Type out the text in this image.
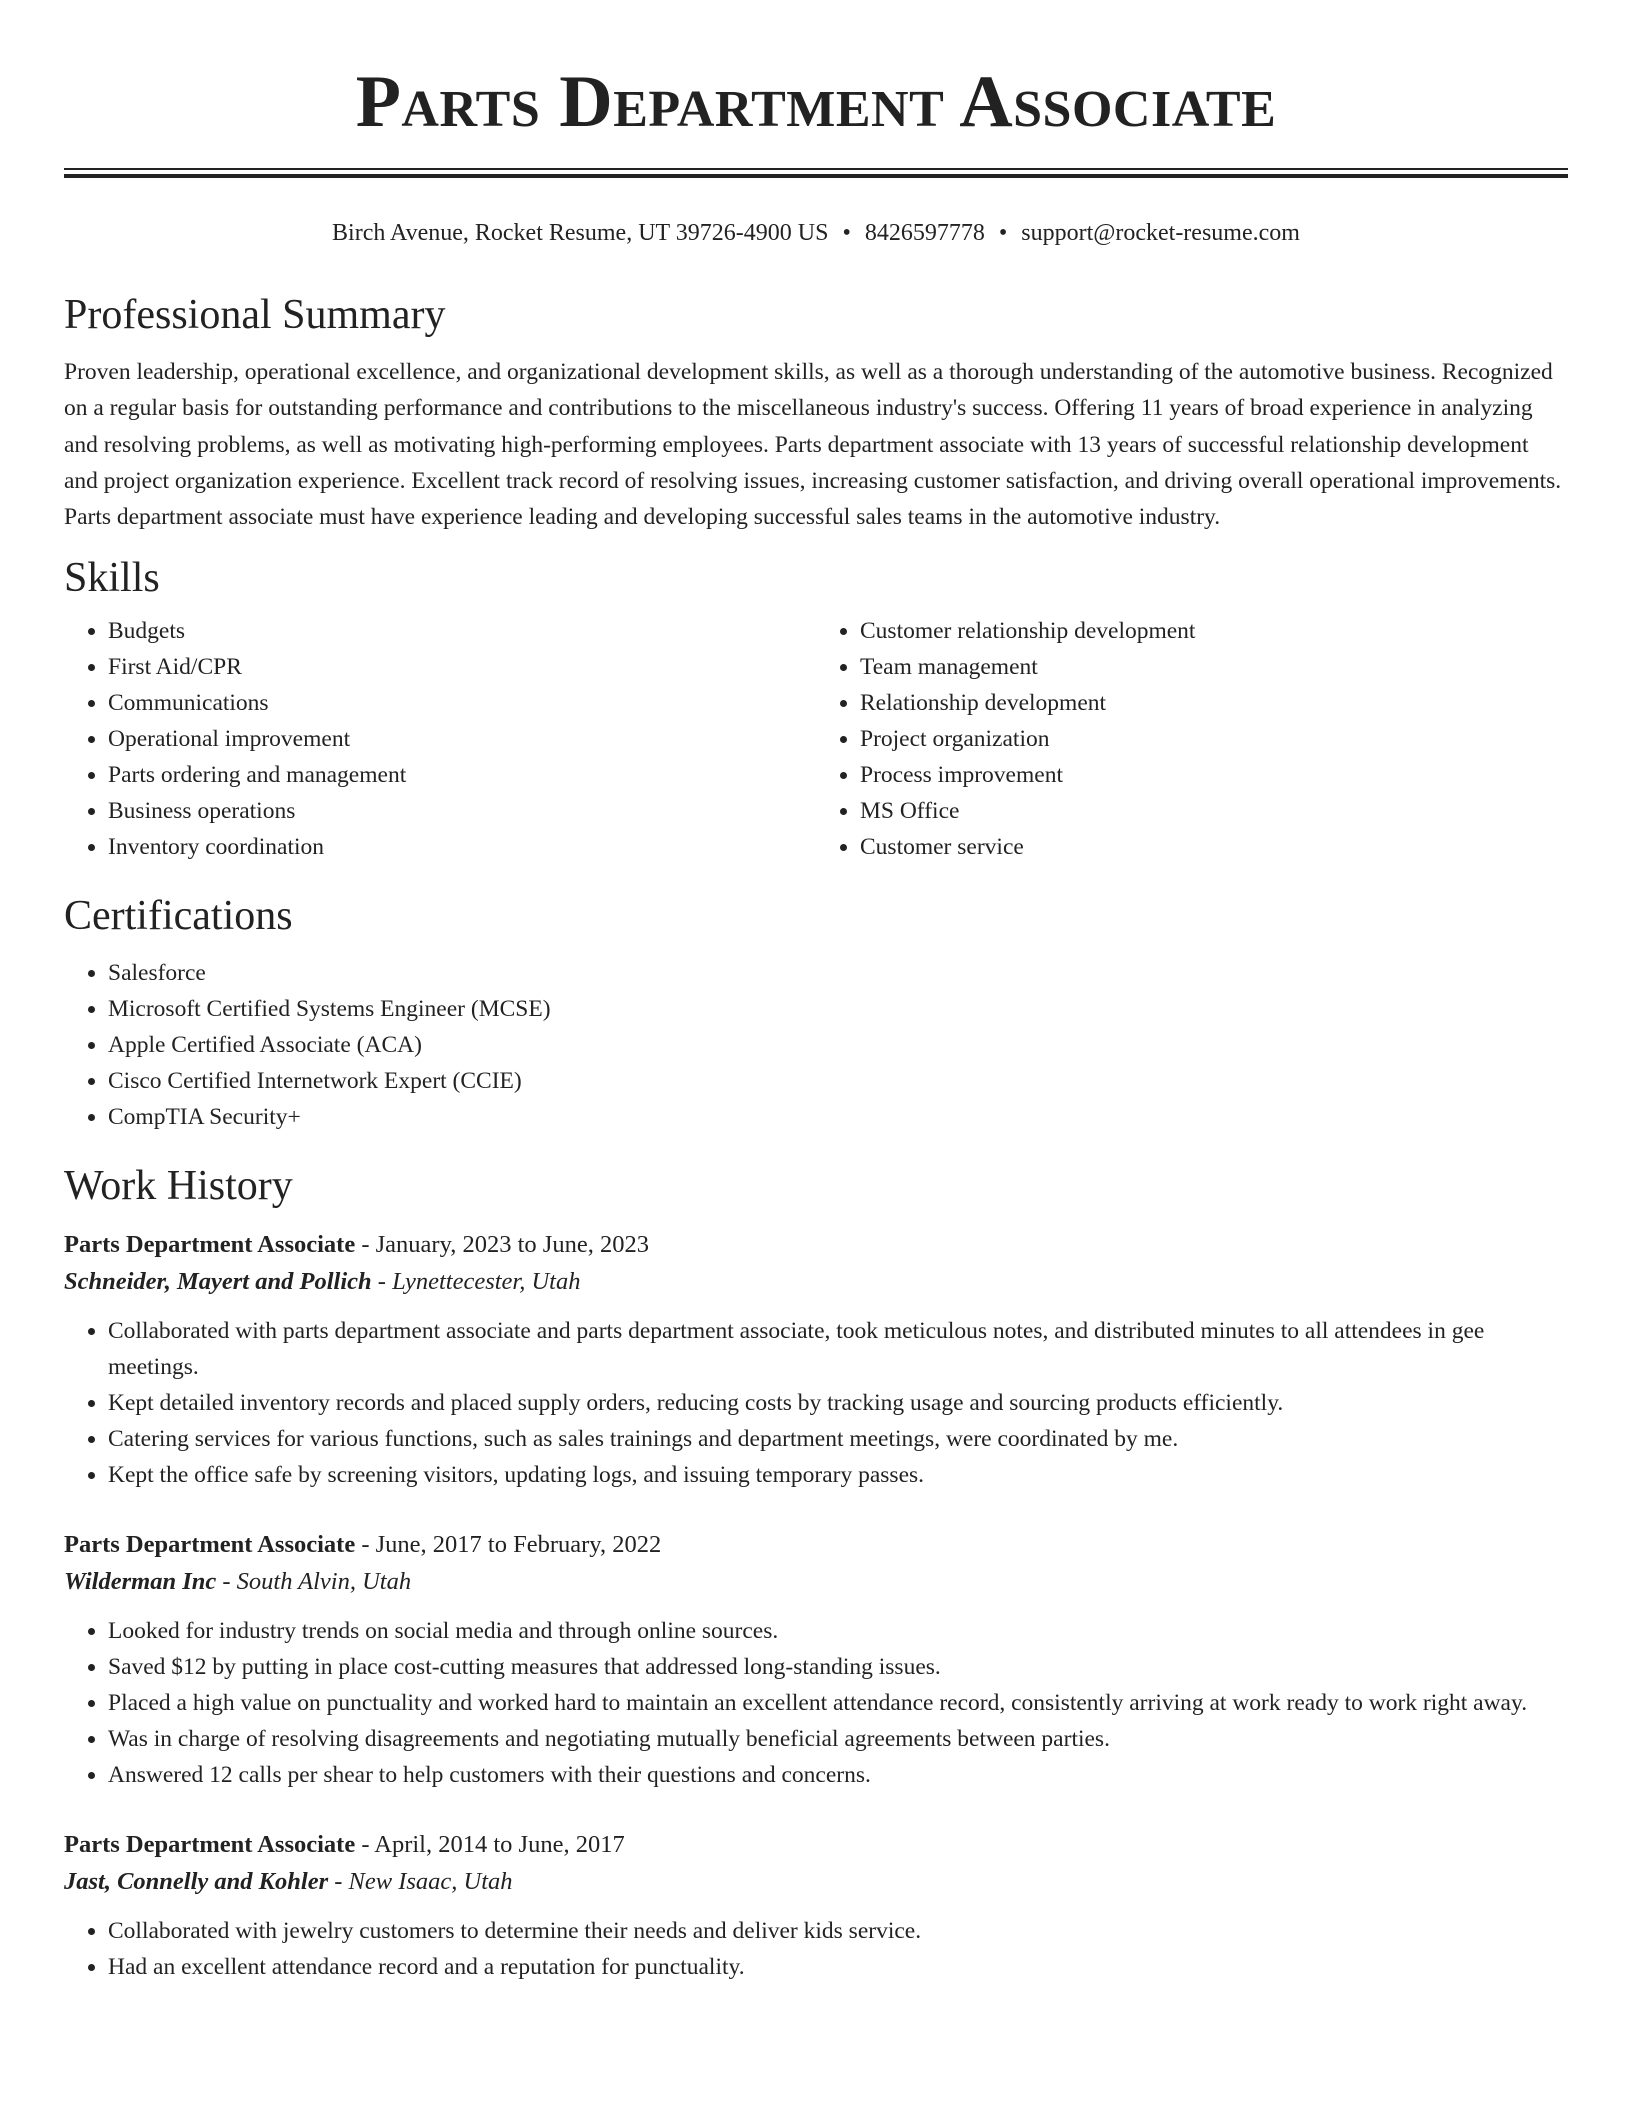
Parts Department Associate
Birch Avenue, Rocket Resume, UT 39726-4900 US • 8426597778 • support@rocket-resume.com
Professional Summary

Proven leadership, operational excellence, and organizational development skills, as well as a thorough understanding of the automotive business. Recognized on a regular basis for outstanding performance and contributions to the miscellaneous industry's success. Offering 11 years of broad experience in analyzing and resolving problems, as well as motivating high-performing employees. Parts department associate with 13 years of successful relationship development and project organization experience. Excellent track record of resolving issues, increasing customer satisfaction, and driving overall operational improvements. Parts department associate must have experience leading and developing successful sales teams in the automotive industry.

Skills
• Budgets
• First Aid/CPR
• Communications
• Operational improvement
• Parts ordering and management
• Business operations
• Inventory coordination
• Customer relationship development
• Team management
• Relationship development
• Project organization
• Process improvement
• MS Office
• Customer service
Certifications
• Salesforce
• Microsoft Certified Systems Engineer (MCSE)
• Apple Certified Associate (ACA)
• Cisco Certified Internetwork Expert (CCIE)
• CompTIA Security+
Work History
Parts Department Associate - January, 2023 to June, 2023
Schneider, Mayert and Pollich - Lynettecester, Utah
• Collaborated with parts department associate and parts department associate, took meticulous notes, and distributed minutes to all attendees in gee meetings.
• Kept detailed inventory records and placed supply orders, reducing costs by tracking usage and sourcing products efficiently.
• Catering services for various functions, such as sales trainings and department meetings, were coordinated by me.
• Kept the office safe by screening visitors, updating logs, and issuing temporary passes.
Parts Department Associate - June, 2017 to February, 2022
Wilderman Inc - South Alvin, Utah
• Looked for industry trends on social media and through online sources.
• Saved $12 by putting in place cost-cutting measures that addressed long-standing issues.
• Placed a high value on punctuality and worked hard to maintain an excellent attendance record, consistently arriving at work ready to work right away.
• Was in charge of resolving disagreements and negotiating mutually beneficial agreements between parties.
• Answered 12 calls per shear to help customers with their questions and concerns.
Parts Department Associate - April, 2014 to June, 2017
Jast, Connelly and Kohler - New Isaac, Utah
• Collaborated with jewelry customers to determine their needs and deliver kids service.
• Had an excellent attendance record and a reputation for punctuality.
